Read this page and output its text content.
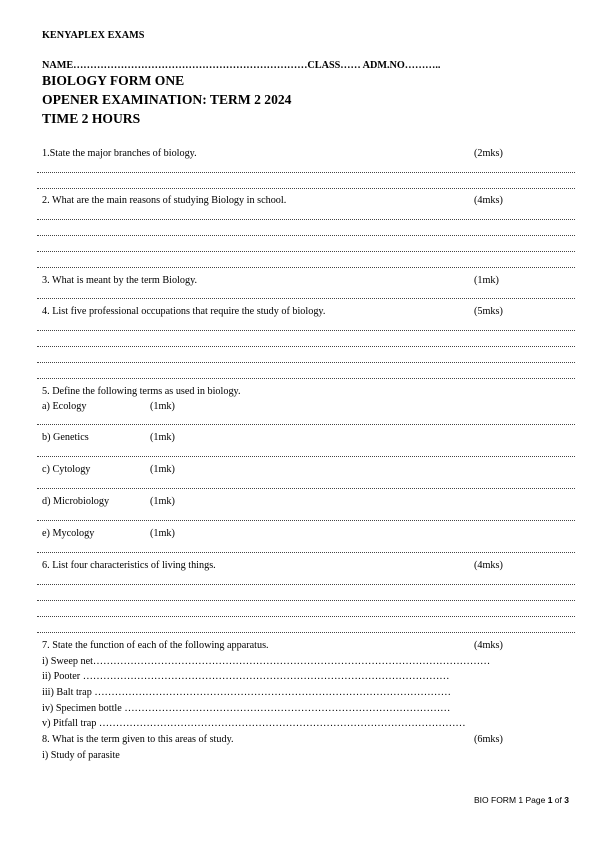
KENYAPLEX EXAMS
NAME……………………………………………………………CLASS…… ADM.NO………..
BIOLOGY FORM ONE
OPENER EXAMINATION: TERM 2 2024
TIME 2 HOURS
1.State the major branches of biology.	(2mks)
2. What are the main reasons of studying Biology in school.	(4mks)
3. What is meant by the term Biology.	(1mk)
4. List five professional occupations that require the study of biology.	(5mks)
5. Define the following terms as used in biology.
a) Ecology	(1mk)
b) Genetics	(1mk)
c) Cytology	(1mk)
d) Microbiology	(1mk)
e) Mycology	(1mk)
6. List four characteristics of living things.	(4mks)
7. State the function of each of the following apparatus.	(4mks)
i) Sweep net………………………………………………………………………………………………………
ii) Pooter ………………………………………………………………………………………………
iii) Balt trap ……………………………………………………………………………………………
iv) Specimen bottle ……………………………………………………………………………………
v) Pitfall trap ………………………………………………………………………………………………
8. What is the term given to this areas of study.	(6mks)
i) Study of parasite
BIO FORM 1 Page 1 of 3
